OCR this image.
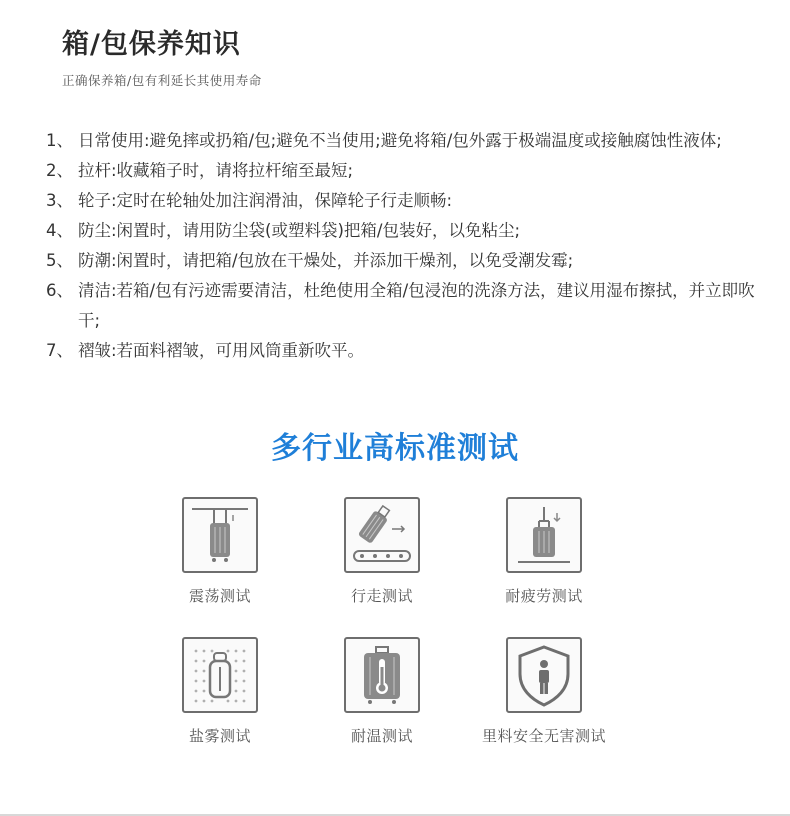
箱/包保养知识
正确保养箱/包有利延长其使用寿命
1、 日常使用:避免摔或扔箱/包;避免不当使用;避免将箱/包外露于极端温度或接触腐蚀性液体;
2、 拉杆:收藏箱子时，请将拉杆缩至最短;
3、 轮子:定时在轮轴处加注润滑油，保障轮子行走顺畅:
4、 防尘:闲置时，请用防尘袋(或塑料袋)把箱/包装好，以免粘尘;
5、 防潮:闲置时，请把箱/包放在干燥处，并添加干燥剂，以免受潮发霉;
6、 清洁:若箱/包有污迹需要清洁，杜绝使用全箱/包浸泡的洗涤方法，建议用湿布擦拭，并立即吹干;
7、 褶皱:若面料褶皱，可用风筒重新吹平。
多行业高标准测试
震荡测试	行走测试	耐疲劳测试
盐雾测试	耐温测试	里料安全无害测试
